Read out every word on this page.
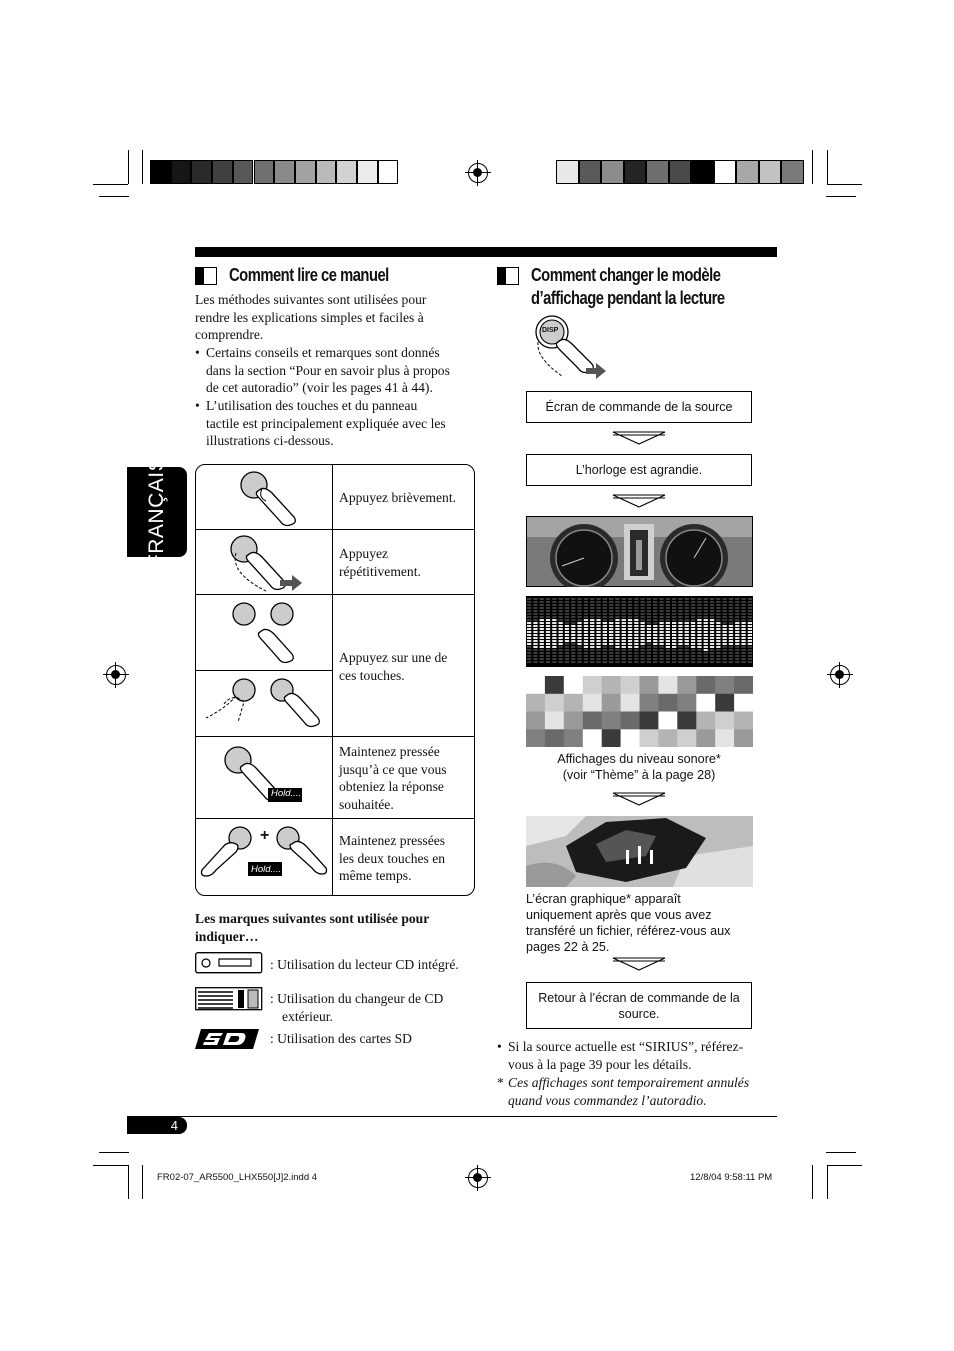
FRANÇAIS
Comment lire ce manuel
Les méthodes suivantes sont utilisées pour
rendre les explications simples et faciles à
comprendre.
• Certains conseils et remarques sont donnés
dans la section “Pour en savoir plus à propos
de cet autoradio” (voir les pages 41 à 44).
• L’utilisation des touches et du panneau
tactile est principalement expliquée avec les
illustrations ci-dessous.
Appuyez brièvement.
Appuyez
répétitivement.
Appuyez sur une de
ces touches.
Maintenez pressée
jusqu’à ce que vous
obteniez la réponse
souhaitée.
Maintenez pressées
les deux touches en
même temps.
Hold....
Hold....
+
Les marques suivantes sont utilisée pour
indiquer…
: Utilisation du lecteur CD intégré.
: Utilisation du changeur de CD
extérieur.
: Utilisation des cartes SD
Comment changer le modèle
d’affichage pendant la lecture
DISP
Écran de commande de la source
L’horloge est agrandie.
Affichages du niveau sonore*
(voir “Thème” à la page 28)
L’écran graphique* apparaît
uniquement après que vous avez
transféré un fichier, référez-vous aux
pages 22 à 25.
Retour à l’écran de commande de la
source.
• Si la source actuelle est “SIRIUS”, référez-
vous à la page 39 pour les détails.
* Ces affichages sont temporairement annulés
quand vous commandez l’autoradio.
4
FR02-07_AR5500_LHX550[J]2.indd 4	12/8/04 9:58:11 PM
